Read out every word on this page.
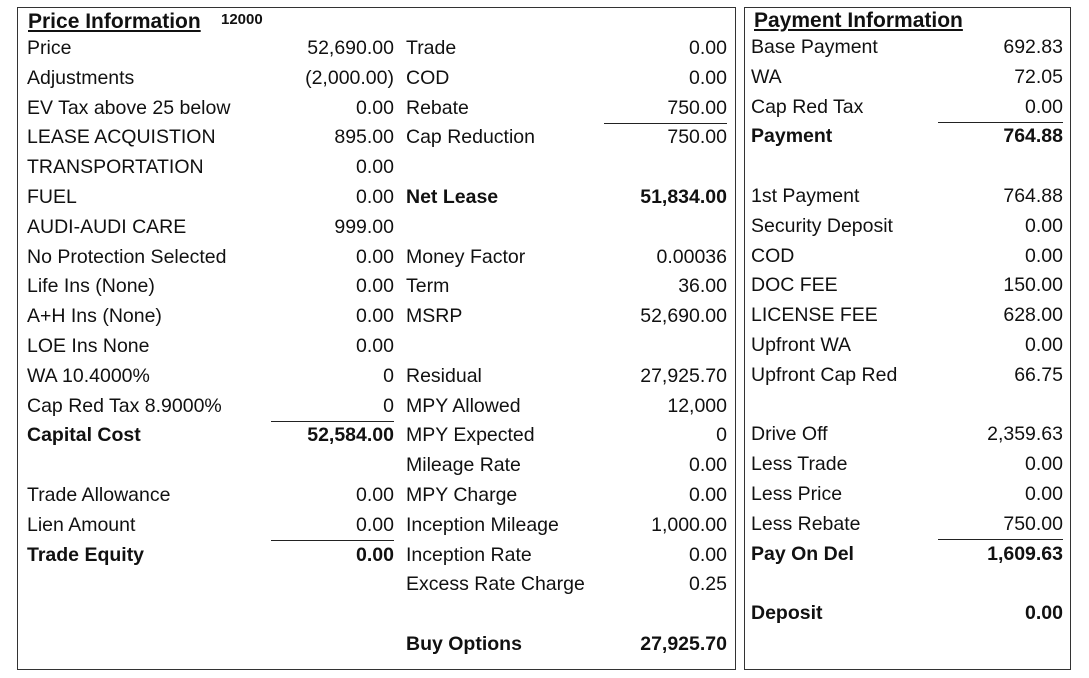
Price Information 12000	Payment Information
Price	52,690.00
Adjustments	(2,000.00)
EV Tax above 25 below	0.00
LEASE ACQUISTION	895.00
TRANSPORTATION	0.00
FUEL	0.00
AUDI-AUDI CARE	999.00
No Protection Selected	0.00
Life Ins (None)	0.00
A+H Ins (None)	0.00
LOE Ins None	0.00
WA 10.4000%	0
Cap Red Tax 8.9000%	0
Capital Cost	52,584.00
Trade Allowance	0.00
Lien Amount	0.00
Trade Equity	0.00
Trade	0.00
COD	0.00
Rebate	750.00
Cap Reduction	750.00
Net Lease	51,834.00
Money Factor	0.00036
Term	36.00
MSRP	52,690.00
Residual	27,925.70
MPY Allowed	12,000
MPY Expected	0
Mileage Rate	0.00
MPY Charge	0.00
Inception Mileage	1,000.00
Inception Rate	0.00
Excess Rate Charge	0.25
Buy Options	27,925.70
Base Payment	692.83
WA	72.05
Cap Red Tax	0.00
Payment	764.88
1st Payment	764.88
Security Deposit	0.00
COD	0.00
DOC FEE	150.00
LICENSE FEE	628.00
Upfront WA	0.00
Upfront Cap Red	66.75
Drive Off	2,359.63
Less Trade	0.00
Less Price	0.00
Less Rebate	750.00
Pay On Del	1,609.63
Deposit	0.00
